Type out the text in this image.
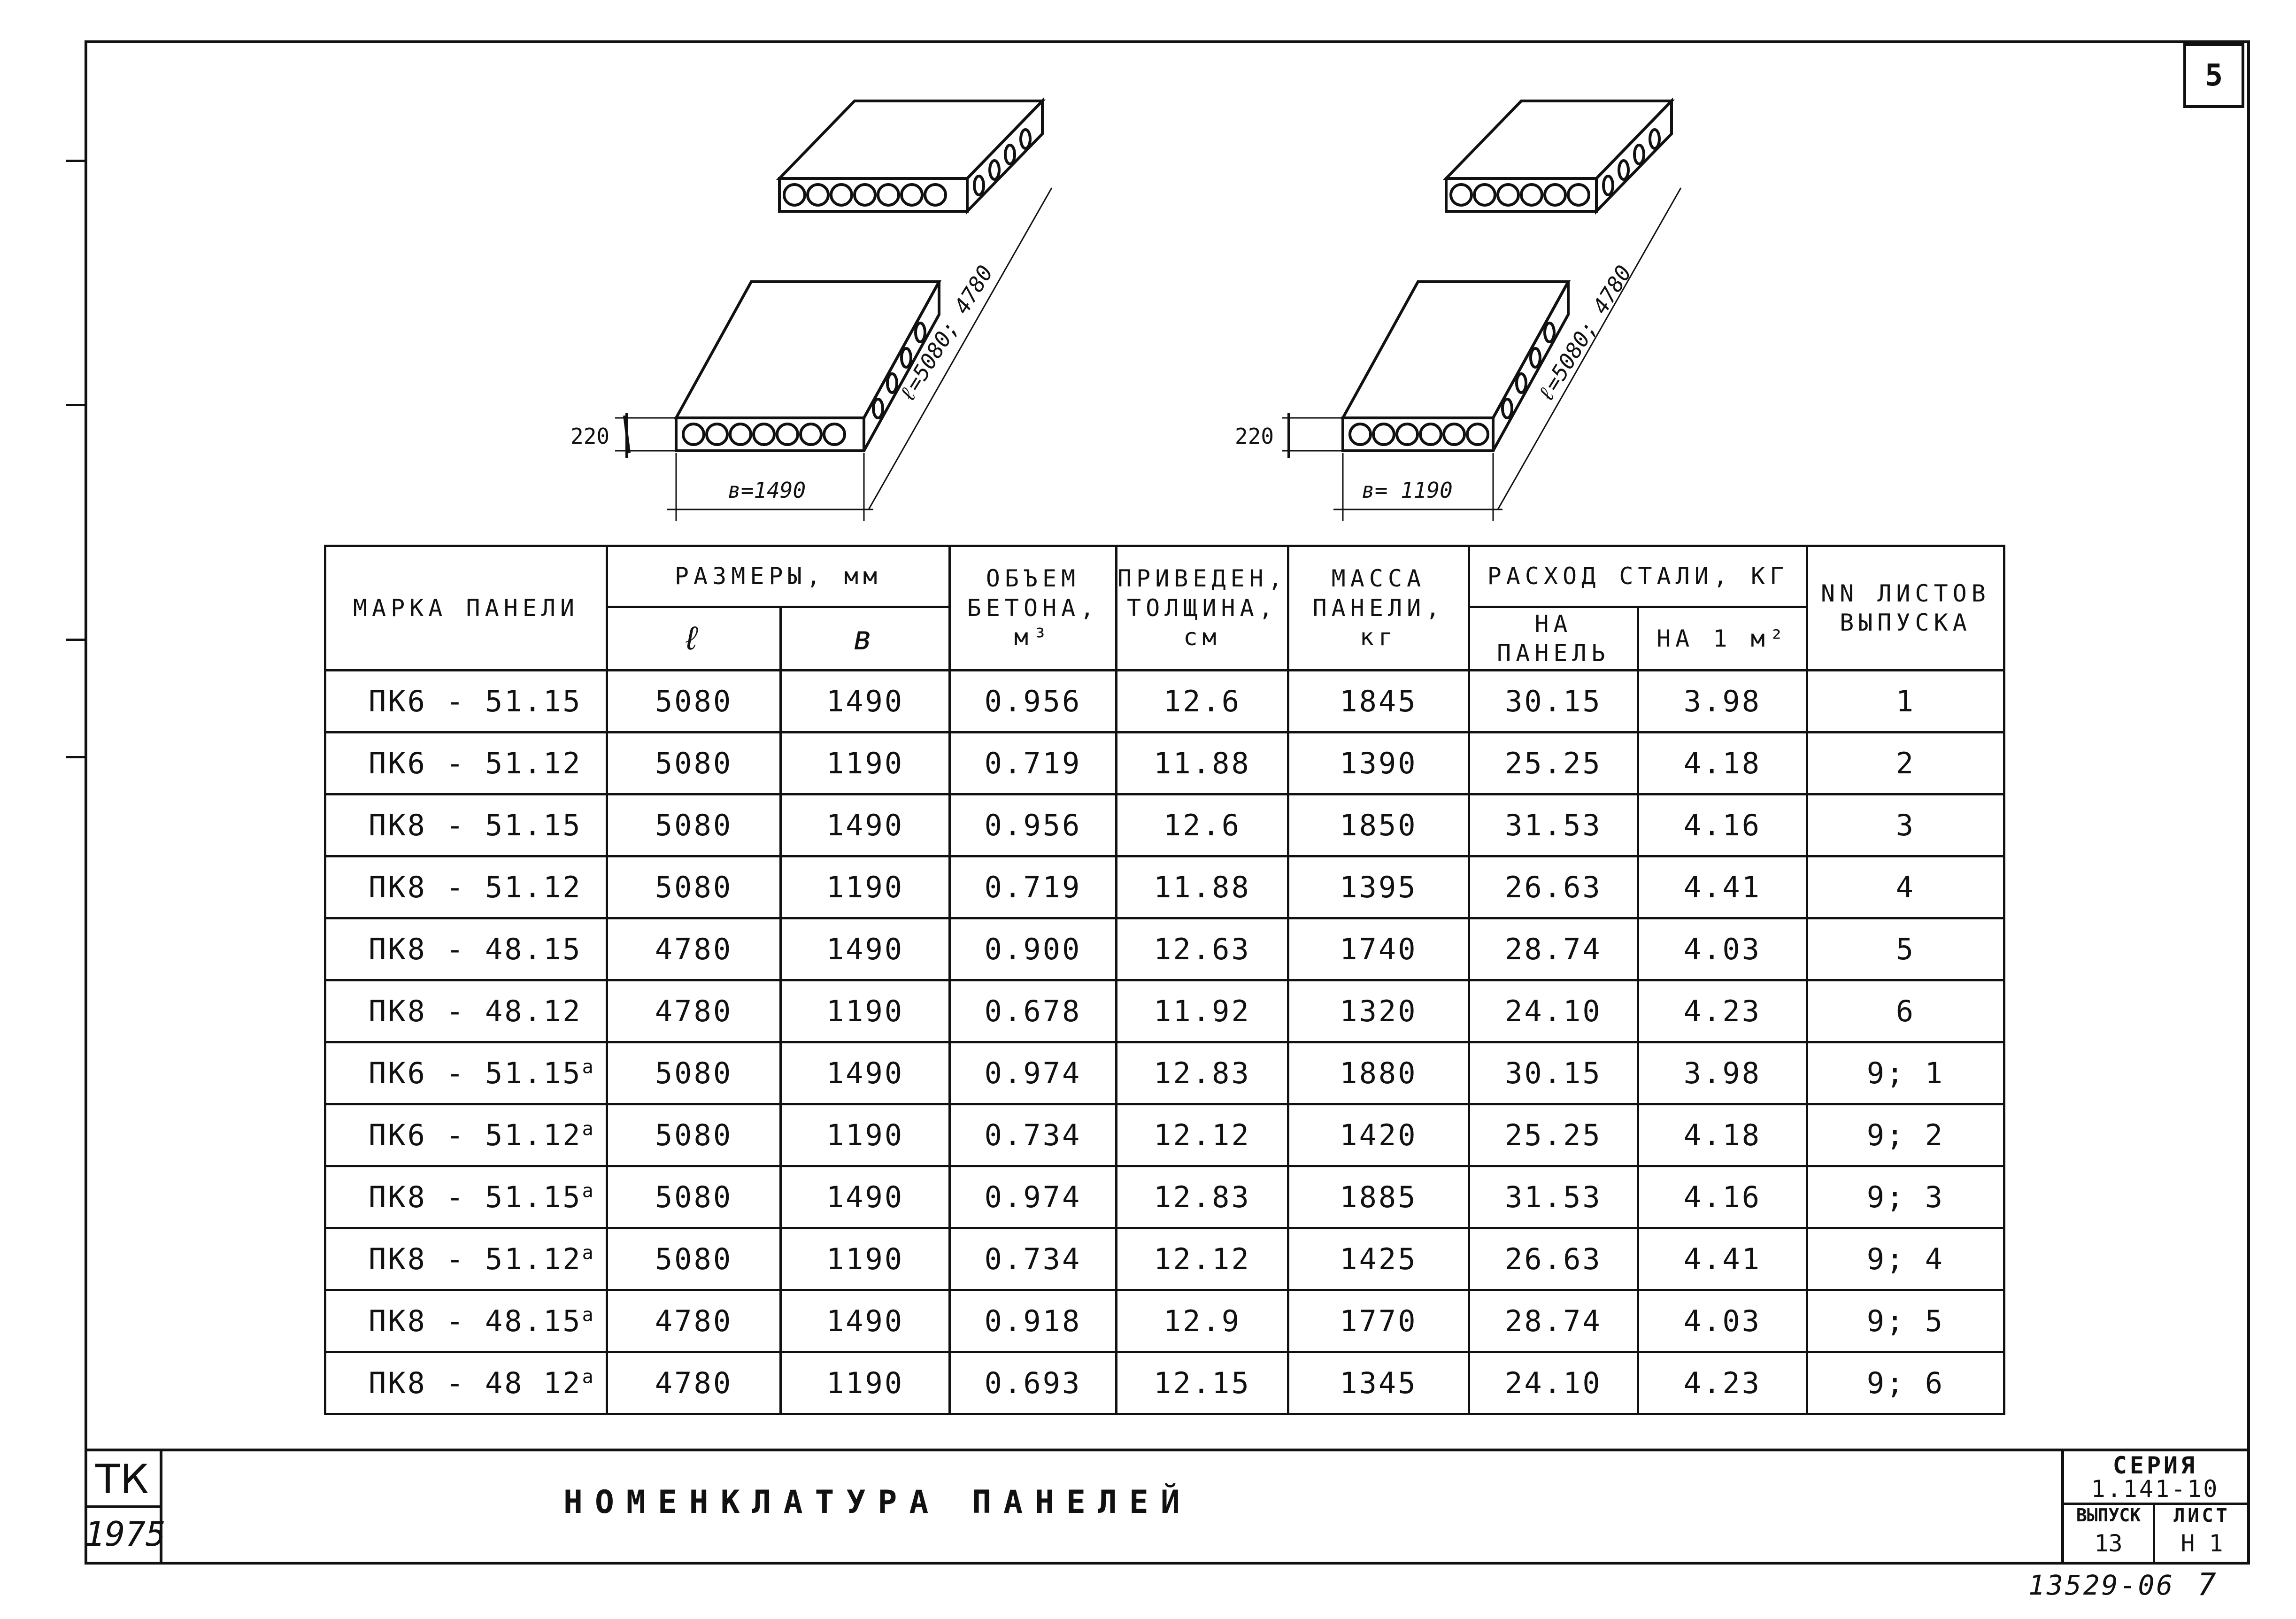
5
220
в=1490
ℓ=5080; 4780
220
в= 1190
ℓ=5080; 4780
МАРКА ПАНЕЛИ	РАЗМЕРЫ, мм		ОБЪЕМ БЕТОНА, м³	ПРИВЕДЕН, ТОЛЩИНА, см	МАССА ПАНЕЛИ, кг	РАСХОД СТАЛИ, КГ		NN ЛИСТОВ ВЫПУСКА
	ℓ	в				НА ПАНЕЛЬ	НА 1 м²	
ПК6 - 51.15	5080	1490	0.956	12.6	1845	30.15	3.98	1
ПК6 - 51.12	5080	1190	0.719	11.88	1390	25.25	4.18	2
ПК8 - 51.15	5080	1490	0.956	12.6	1850	31.53	4.16	3
ПК8 - 51.12	5080	1190	0.719	11.88	1395	26.63	4.41	4
ПК8 - 48.15	4780	1490	0.900	12.63	1740	28.74	4.03	5
ПК8 - 48.12	4780	1190	0.678	11.92	1320	24.10	4.23	6
$ПК6 - 51.15^а$	5080	1490	0.974	12.83	1880	30.15	3.98	9; 1
$ПК6 - 51.12^а$	5080	1190	0.734	12.12	1420	25.25	4.18	9; 2
$ПК8 - 51.15^а$	5080	1490	0.974	12.83	1885	31.53	4.16	9; 3
$ПК8 - 51.12^а$	5080	1190	0.734	12.12	1425	26.63	4.41	9; 4
$ПК8 - 48.15^а$	4780	1490	0.918	12.9	1770	28.74	4.03	9; 5
ПК8 - 48 $12^а$	4780	1190	0.693	12.15	1345	24.10	4.23	9; 6
ТК
1975
НОМЕНКЛАТУРА ПАНЕЛЕЙ
СЕРИЯ
1.141-10
ВЫПУСК
13
ЛИСТ
Н 1
13529-06 7
